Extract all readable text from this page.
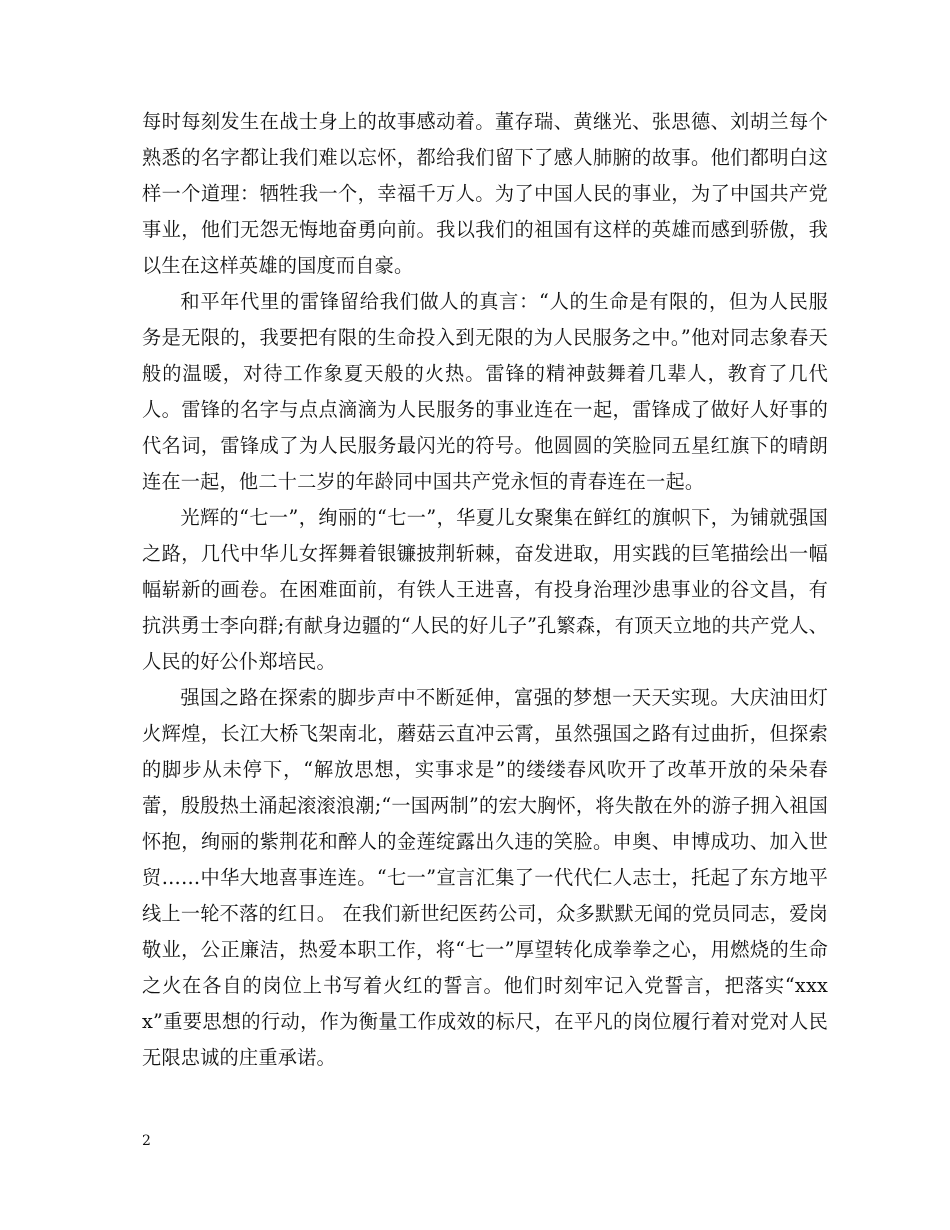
每时每刻发生在战士身上的故事感动着。董存瑞、黄继光、张思德、刘胡兰每个熟悉的名字都让我们难以忘怀，都给我们留下了感人肺腑的故事。他们都明白这样一个道理：牺牲我一个，幸福千万人。为了中国人民的事业，为了中国共产党事业，他们无怨无悔地奋勇向前。我以我们的祖国有这样的英雄而感到骄傲，我以生在这样英雄的国度而自豪。

和平年代里的雷锋留给我们做人的真言：“人的生命是有限的，但为人民服务是无限的，我要把有限的生命投入到无限的为人民服务之中。”他对同志象春天般的温暖，对待工作象夏天般的火热。雷锋的精神鼓舞着几辈人，教育了几代人。雷锋的名字与点点滴滴为人民服务的事业连在一起，雷锋成了做好人好事的代名词，雷锋成了为人民服务最闪光的符号。他圆圆的笑脸同五星红旗下的晴朗连在一起，他二十二岁的年龄同中国共产党永恒的青春连在一起。

光辉的“七一”，绚丽的“七一”，华夏儿女聚集在鲜红的旗帜下，为铺就强国之路，几代中华儿女挥舞着银镰披荆斩棘，奋发进取，用实践的巨笔描绘出一幅幅崭新的画卷。在困难面前，有铁人王进喜，有投身治理沙患事业的谷文昌，有抗洪勇士李向群;有献身边疆的“人民的好儿子”孔繁森，有顶天立地的共产党人、人民的好公仆郑培民。

强国之路在探索的脚步声中不断延伸，富强的梦想一天天实现。大庆油田灯火辉煌，长江大桥飞架南北，蘑菇云直冲云霄，虽然强国之路有过曲折，但探索的脚步从未停下，“解放思想，实事求是”的缕缕春风吹开了改革开放的朵朵春蕾，殷殷热土涌起滚滚浪潮;“一国两制”的宏大胸怀，将失散在外的游子拥入祖国怀抱，绚丽的紫荆花和醉人的金莲绽露出久违的笑脸。申奥、申博成功、加入世贸……中华大地喜事连连。“七一”宣言汇集了一代代仁人志士，托起了东方地平线上一轮不落的红日。 在我们新世纪医药公司，众多默默无闻的党员同志，爱岗敬业，公正廉洁，热爱本职工作，将“七一”厚望转化成拳拳之心，用燃烧的生命之火在各自的岗位上书写着火红的誓言。他们时刻牢记入党誓言，把落实“xxxx”重要思想的行动，作为衡量工作成效的标尺，在平凡的岗位履行着对党对人民无限忠诚的庄重承诺。

2
